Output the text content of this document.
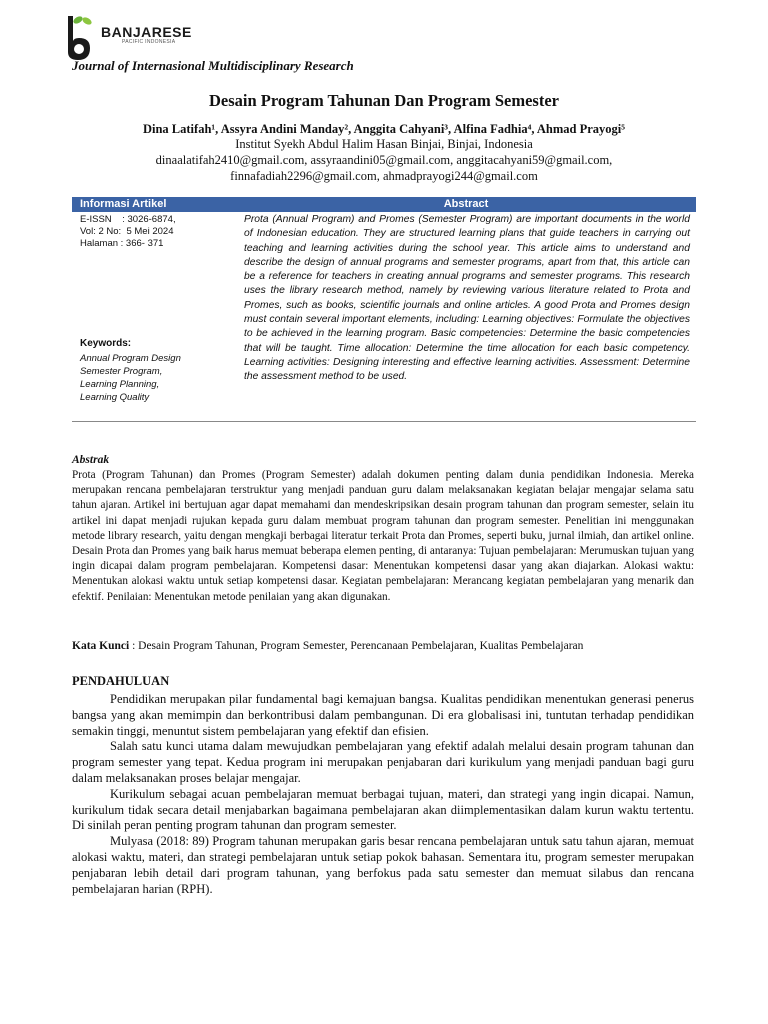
BANJARESE
PACIFIC INDONESIA
Journal of Internasional Multidisciplinary Research
Desain Program Tahunan Dan Program Semester
Dina Latifah¹, Assyra Andini Manday², Anggita Cahyani³, Alfina Fadhia⁴, Ahmad Prayogi⁵
Institut Syekh Abdul Halim Hasan Binjai, Binjai, Indonesia
dinaalatifah2410@gmail.com, assyraandini05@gmail.com, anggitacahyani59@gmail.com,
finnafadiah2296@gmail.com, ahmadprayogi244@gmail.com
Informasi Artikel	Abstract
E-ISSN    : 3026-6874,
Vol: 2 No:  5 Mei 2024
Halaman : 366- 371
Keywords:
Annual Program Design
Semester Program,
Learning Planning,
Learning Quality
Prota (Annual Program) and Promes (Semester Program) are important documents in the world of Indonesian education. They are structured learning plans that guide teachers in carrying out teaching and learning activities during the school year. This article aims to understand and describe the design of annual programs and semester programs, apart from that, this article can be a reference for teachers in creating annual programs and semester programs. This research uses the library research method, namely by reviewing various literature related to Prota and Promes, such as books, scientific journals and online articles. A good Prota and Promes design must contain several important elements, including: Learning objectives: Formulate the objectives to be achieved in the learning program. Basic competencies: Determine the basic competencies that will be taught. Time allocation: Determine the time allocation for each basic competency. Learning activities: Designing interesting and effective learning activities. Assessment: Determine the assessment method to be used.
Abstrak
Prota (Program Tahunan) dan Promes (Program Semester) adalah dokumen penting dalam dunia pendidikan Indonesia. Mereka merupakan rencana pembelajaran terstruktur yang menjadi panduan guru dalam melaksanakan kegiatan belajar mengajar selama satu tahun ajaran. Artikel ini bertujuan agar dapat memahami dan mendeskripsikan desain program tahunan dan program semester, selain itu artikel ini dapat menjadi rujukan kepada guru dalam membuat program tahunan dan program semester. Penelitian ini menggunakan metode library research, yaitu dengan mengkaji berbagai literatur terkait Prota dan Promes, seperti buku, jurnal ilmiah, dan artikel online. Desain Prota dan Promes yang baik harus memuat beberapa elemen penting, di antaranya: Tujuan pembelajaran: Merumuskan tujuan yang ingin dicapai dalam program pembelajaran. Kompetensi dasar: Menentukan kompetensi dasar yang akan diajarkan. Alokasi waktu: Menentukan alokasi waktu untuk setiap kompetensi dasar. Kegiatan pembelajaran: Merancang kegiatan pembelajaran yang menarik dan efektif. Penilaian: Menentukan metode penilaian yang akan digunakan.
Kata Kunci : Desain Program Tahunan, Program Semester, Perencanaan Pembelajaran, Kualitas Pembelajaran
PENDAHULUAN

Pendidikan merupakan pilar fundamental bagi kemajuan bangsa. Kualitas pendidikan menentukan generasi penerus bangsa yang akan memimpin dan berkontribusi dalam pembangunan. Di era globalisasi ini, tuntutan terhadap pendidikan semakin tinggi, menuntut sistem pembelajaran yang efektif dan efisien.

Salah satu kunci utama dalam mewujudkan pembelajaran yang efektif adalah melalui desain program tahunan dan program semester yang tepat. Kedua program ini merupakan penjabaran dari kurikulum yang menjadi panduan bagi guru dalam melaksanakan proses belajar mengajar.

Kurikulum sebagai acuan pembelajaran memuat berbagai tujuan, materi, dan strategi yang ingin dicapai. Namun, kurikulum tidak secara detail menjabarkan bagaimana pembelajaran akan diimplementasikan dalam kurun waktu tertentu. Di sinilah peran penting program tahunan dan program semester.

Mulyasa (2018: 89) Program tahunan merupakan garis besar rencana pembelajaran untuk satu tahun ajaran, memuat alokasi waktu, materi, dan strategi pembelajaran untuk setiap pokok bahasan. Sementara itu, program semester merupakan penjabaran lebih detail dari program tahunan, yang berfokus pada satu semester dan memuat silabus dan rencana pembelajaran harian (RPH).
